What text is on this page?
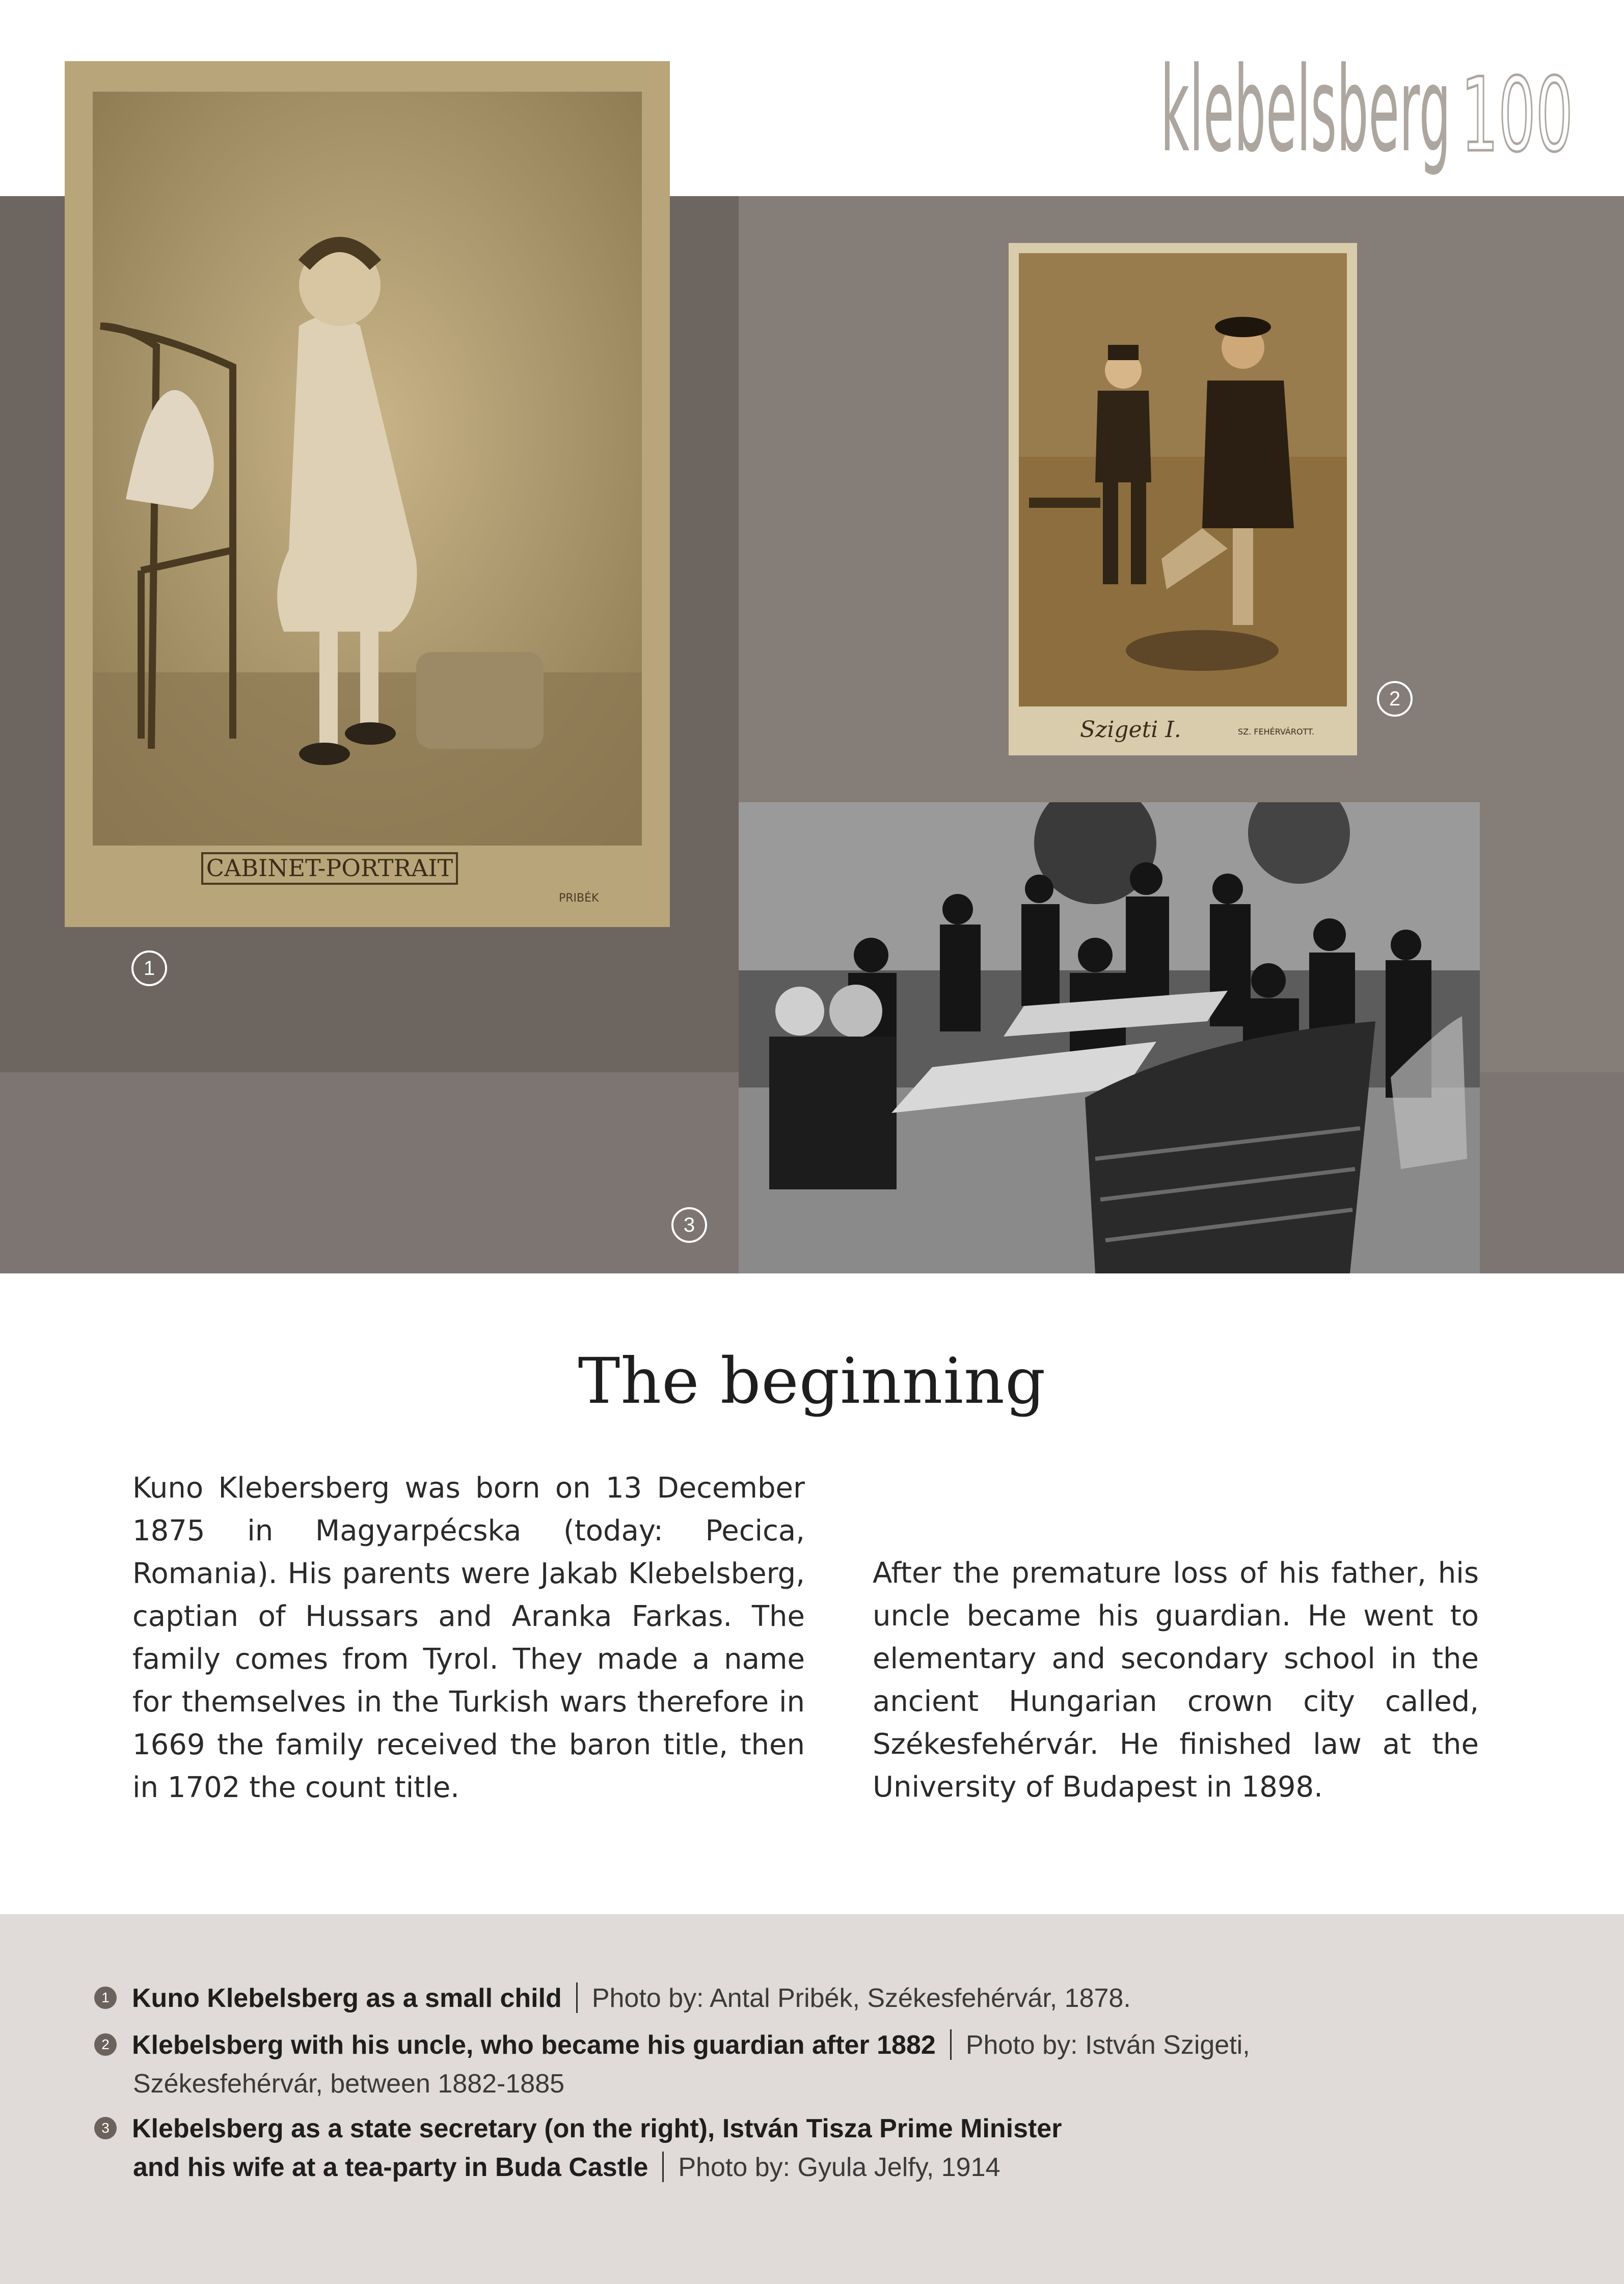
klebelsberg 100
CABINET-PORTRAIT
PRIBÉK
Szigeti I.	SZ. FEHÉRVÁROTT.
1
2
3
The beginning
Kuno Klebersberg was born on 13 December 1875 in Magyarpécska (today: Pecica, Romania). His parents were Jakab Klebelsberg, captian of Hussars and Aranka Farkas. The family comes from Tyrol. They made a name for themselves in the Turkish wars therefore in 1669 the family received the baron title, then in 1702 the count title.
After the premature loss of his father, his uncle became his guardian. He went to elementary and secondary school in the ancient Hungarian crown city called, Székesfehérvár. He finished law at the University of Budapest in 1898.
1 Kuno Klebelsberg as a small child Photo by: Antal Pribék, Székesfehérvár, 1878.
2 Klebelsberg with his uncle, who became his guardian after 1882 Photo by: István Szigeti,
Székesfehérvár, between 1882-1885
3 Klebelsberg as a state secretary (on the right), István Tisza Prime Minister
and his wife at a tea-party in Buda Castle Photo by: Gyula Jelfy, 1914
